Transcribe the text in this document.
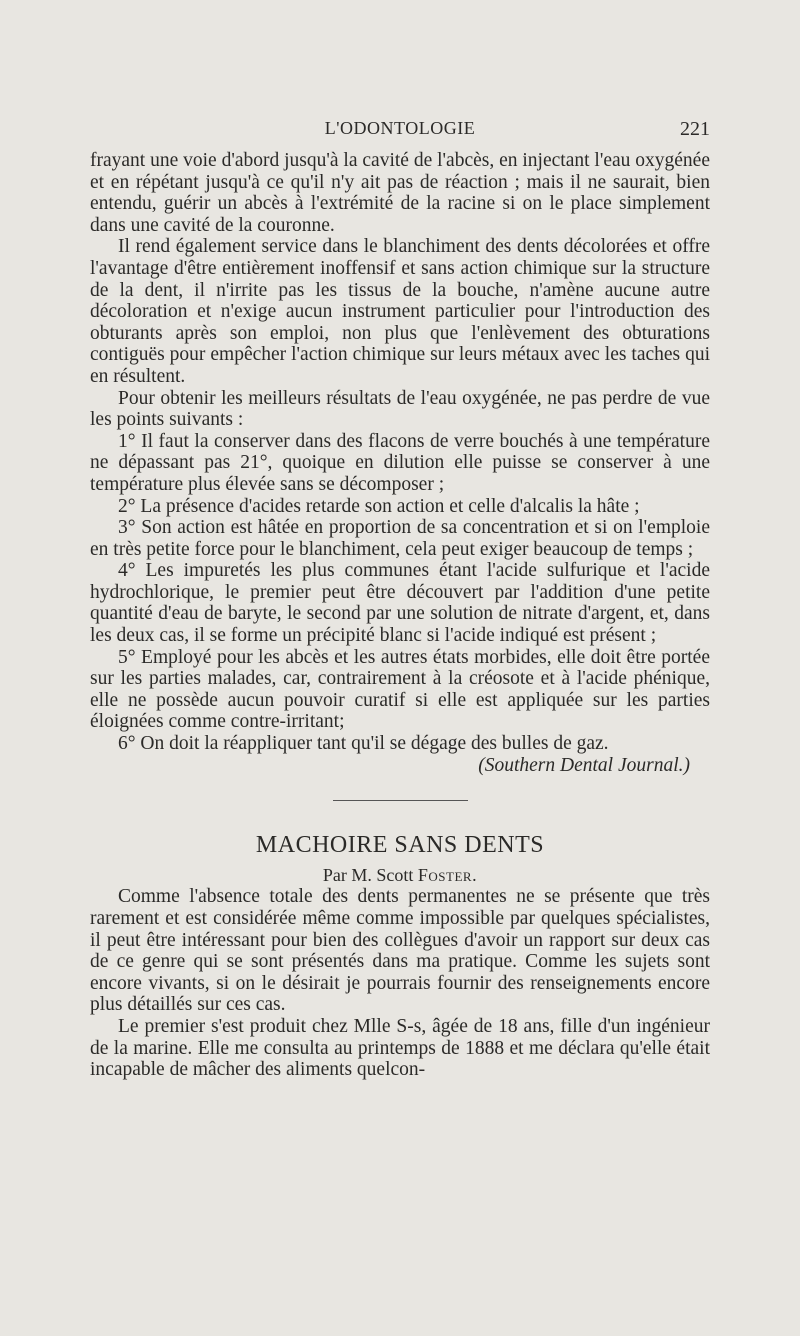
L'ODONTOLOGIE	221

frayant une voie d'abord jusqu'à la cavité de l'abcès, en injectant l'eau oxygénée et en répétant jusqu'à ce qu'il n'y ait pas de réaction ; mais il ne saurait, bien entendu, guérir un abcès à l'extrémité de la racine si on le place simplement dans une cavité de la couronne.

Il rend également service dans le blanchiment des dents décolorées et offre l'avantage d'être entièrement inoffensif et sans action chimique sur la structure de la dent, il n'irrite pas les tissus de la bouche, n'amène aucune autre décoloration et n'exige aucun instrument particulier pour l'introduction des obturants après son emploi, non plus que l'enlèvement des obturations contiguës pour empêcher l'action chimique sur leurs métaux avec les taches qui en résultent.

Pour obtenir les meilleurs résultats de l'eau oxygénée, ne pas perdre de vue les points suivants :

1° Il faut la conserver dans des flacons de verre bouchés à une température ne dépassant pas 21°, quoique en dilution elle puisse se conserver à une température plus élevée sans se décomposer ;

2° La présence d'acides retarde son action et celle d'alcalis la hâte ;

3° Son action est hâtée en proportion de sa concentration et si on l'emploie en très petite force pour le blanchiment, cela peut exiger beaucoup de temps ;

4° Les impuretés les plus communes étant l'acide sulfurique et l'acide hydrochlorique, le premier peut être découvert par l'addition d'une petite quantité d'eau de baryte, le second par une solution de nitrate d'argent, et, dans les deux cas, il se forme un précipité blanc si l'acide indiqué est présent ;

5° Employé pour les abcès et les autres états morbides, elle doit être portée sur les parties malades, car, contrairement à la créosote et à l'acide phénique, elle ne possède aucun pouvoir curatif si elle est appliquée sur les parties éloignées comme contre-irritant;

6° On doit la réappliquer tant qu'il se dégage des bulles de gaz.

(Southern Dental Journal.)

MACHOIRE SANS DENTS
Par M. Scott Foster.

Comme l'absence totale des dents permanentes ne se présente que très rarement et est considérée même comme impossible par quelques spécialistes, il peut être intéressant pour bien des collègues d'avoir un rapport sur deux cas de ce genre qui se sont présentés dans ma pratique. Comme les sujets sont encore vivants, si on le désirait je pourrais fournir des renseignements encore plus détaillés sur ces cas.

Le premier s'est produit chez Mlle S-s, âgée de 18 ans, fille d'un ingénieur de la marine. Elle me consulta au printemps de 1888 et me déclara qu'elle était incapable de mâcher des aliments quelcon-
